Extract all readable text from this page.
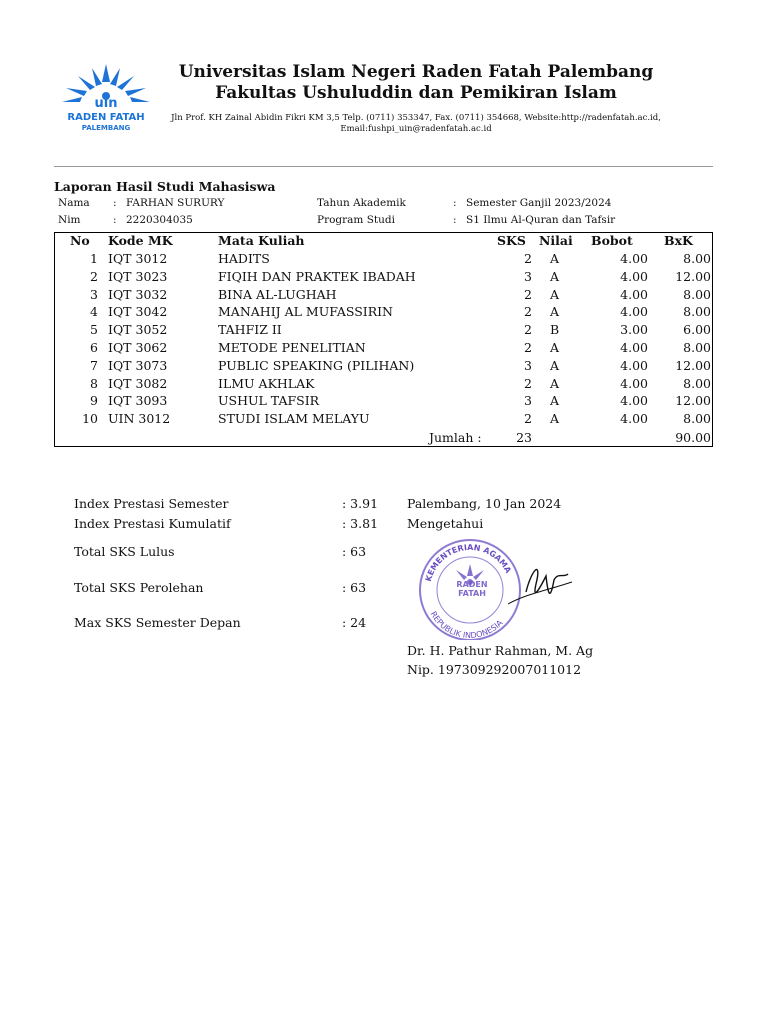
uin
RADEN FATAH
PALEMBANG
Universitas Islam Negeri Raden Fatah Palembang
Fakultas Ushuluddin dan Pemikiran Islam
Jln Prof. KH Zainal Abidin Fikri KM 3,5 Telp. (0711) 353347, Fax. (0711) 354668, Website:http://radenfatah.ac.id,
Email:fushpi_uin@radenfatah.ac.id
Laporan Hasil Studi Mahasiswa
Nama : FARHAN SURURY	Tahun Akademik	: Semester Ganjil 2023/2024
Nim	: 2220304035	Program Studi	: S1 Ilmu Al-Quran dan Tafsir
No Kode MK	Mata Kuliah	SKS Nilai Bobot BxK
1 IQT 3012	HADITS	2 A	4.00	8.00
2 IQT 3023	FIQIH DAN PRAKTEK IBADAH	3 A	4.00	12.00
3 IQT 3032	BINA AL-LUGHAH	2 A	4.00	8.00
4 IQT 3042	MANAHIJ AL MUFASSIRIN	2 A	4.00	8.00
5 IQT 3052	TAHFIZ II	2 B	3.00	6.00
6 IQT 3062	METODE PENELITIAN	2 A	4.00	8.00
7 IQT 3073	PUBLIC SPEAKING (PILIHAN)	3 A	4.00	12.00
8 IQT 3082	ILMU AKHLAK	2 A	4.00	8.00
9 IQT 3093	USHUL TAFSIR	3 A	4.00	12.00
10 UIN 3012	STUDI ISLAM MELAYU	2 A	4.00	8.00
Jumlah :	23	90.00
Index Prestasi Semester	: 3.91
Index Prestasi Kumulatif	: 3.81
Total SKS Lulus	: 63
Total SKS Perolehan	: 63
Max SKS Semester Depan	: 24
Palembang, 10 Jan 2024
Mengetahui
KEMENTERIAN AGAMA
REPUBLIK INDONESIA
RADEN FATAH
Dr. H. Pathur Rahman, M. Ag
Nip. 197309292007011012
